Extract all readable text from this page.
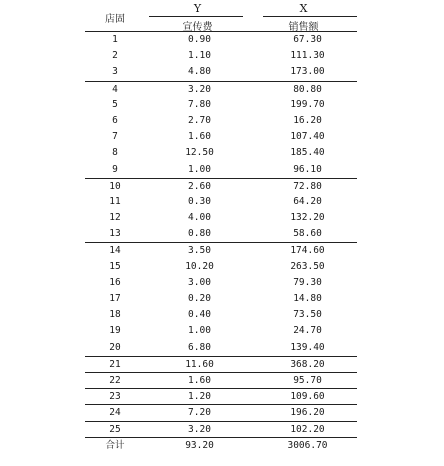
店固
Y	X
宣传费	销售额
1	0.90	67.30
2	1.10	111.30
3	4.80	173.00
4	3.20	80.80
5	7.80	199.70
6	2.70	16.20
7	1.60	107.40
8	12.50	185.40
9	1.00	96.10
10	2.60	72.80
11	0.30	64.20
12	4.00	132.20
13	0.80	58.60
14	3.50	174.60
15	10.20	263.50
16	3.00	79.30
17	0.20	14.80
18	0.40	73.50
19	1.00	24.70
20	6.80	139.40
21	11.60	368.20
22	1.60	95.70
23	1.20	109.60
24	7.20	196.20
25	3.20	102.20
合计	93.20	3006.70
